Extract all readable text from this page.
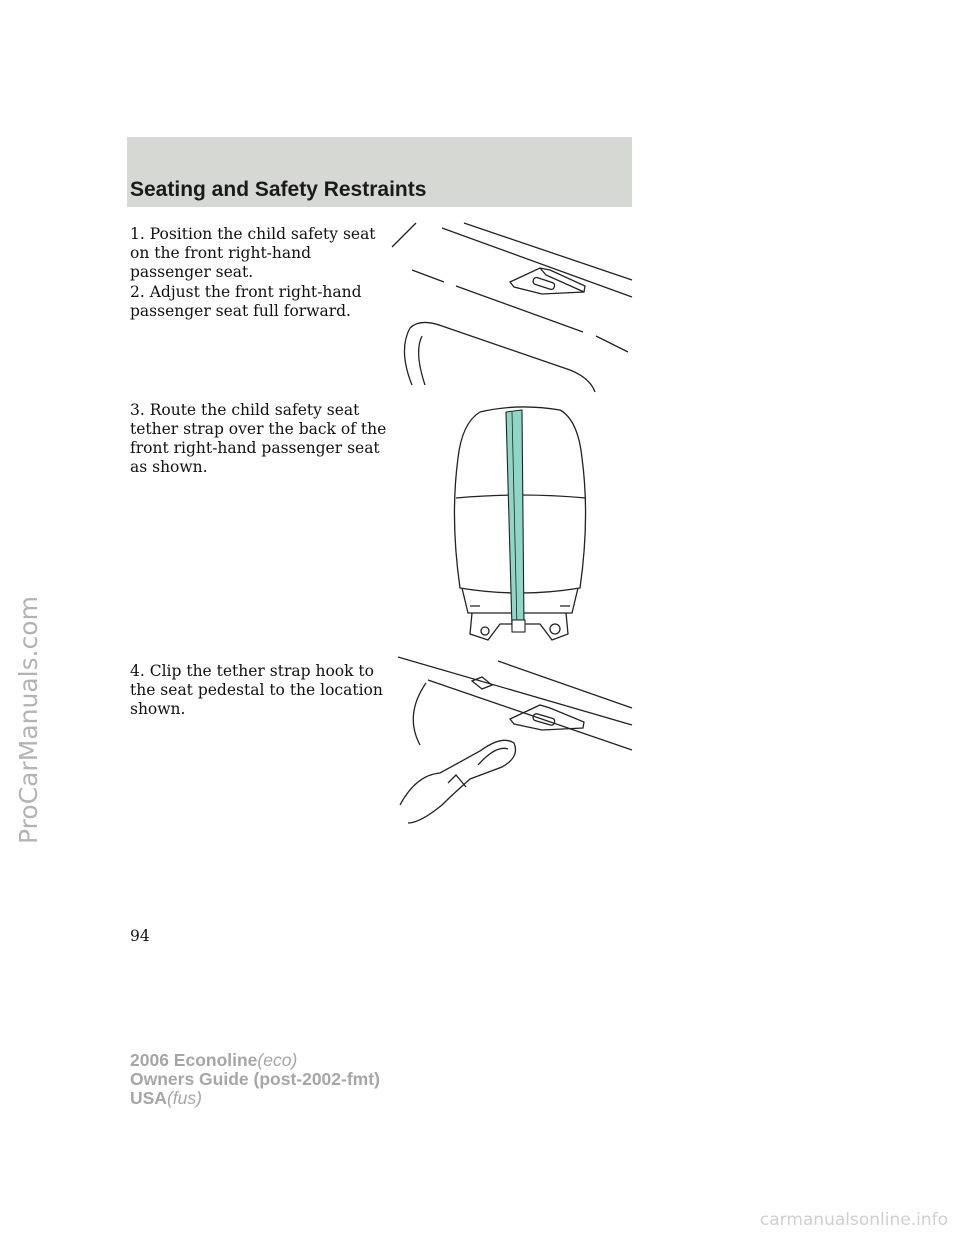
Seating and Safety Restraints

1. Position the child safety seat on the front right-hand passenger seat.

2. Adjust the front right-hand passenger seat full forward.

3. Route the child safety seat tether strap over the back of the front right-hand passenger seat as shown.

4. Clip the tether strap hook to the seat pedestal to the location shown.

94

2006 Econoline(eco)
Owners Guide (post-2002-fmt)
USA(fus)
ProCarManuals.com
carmanualsonline.info
